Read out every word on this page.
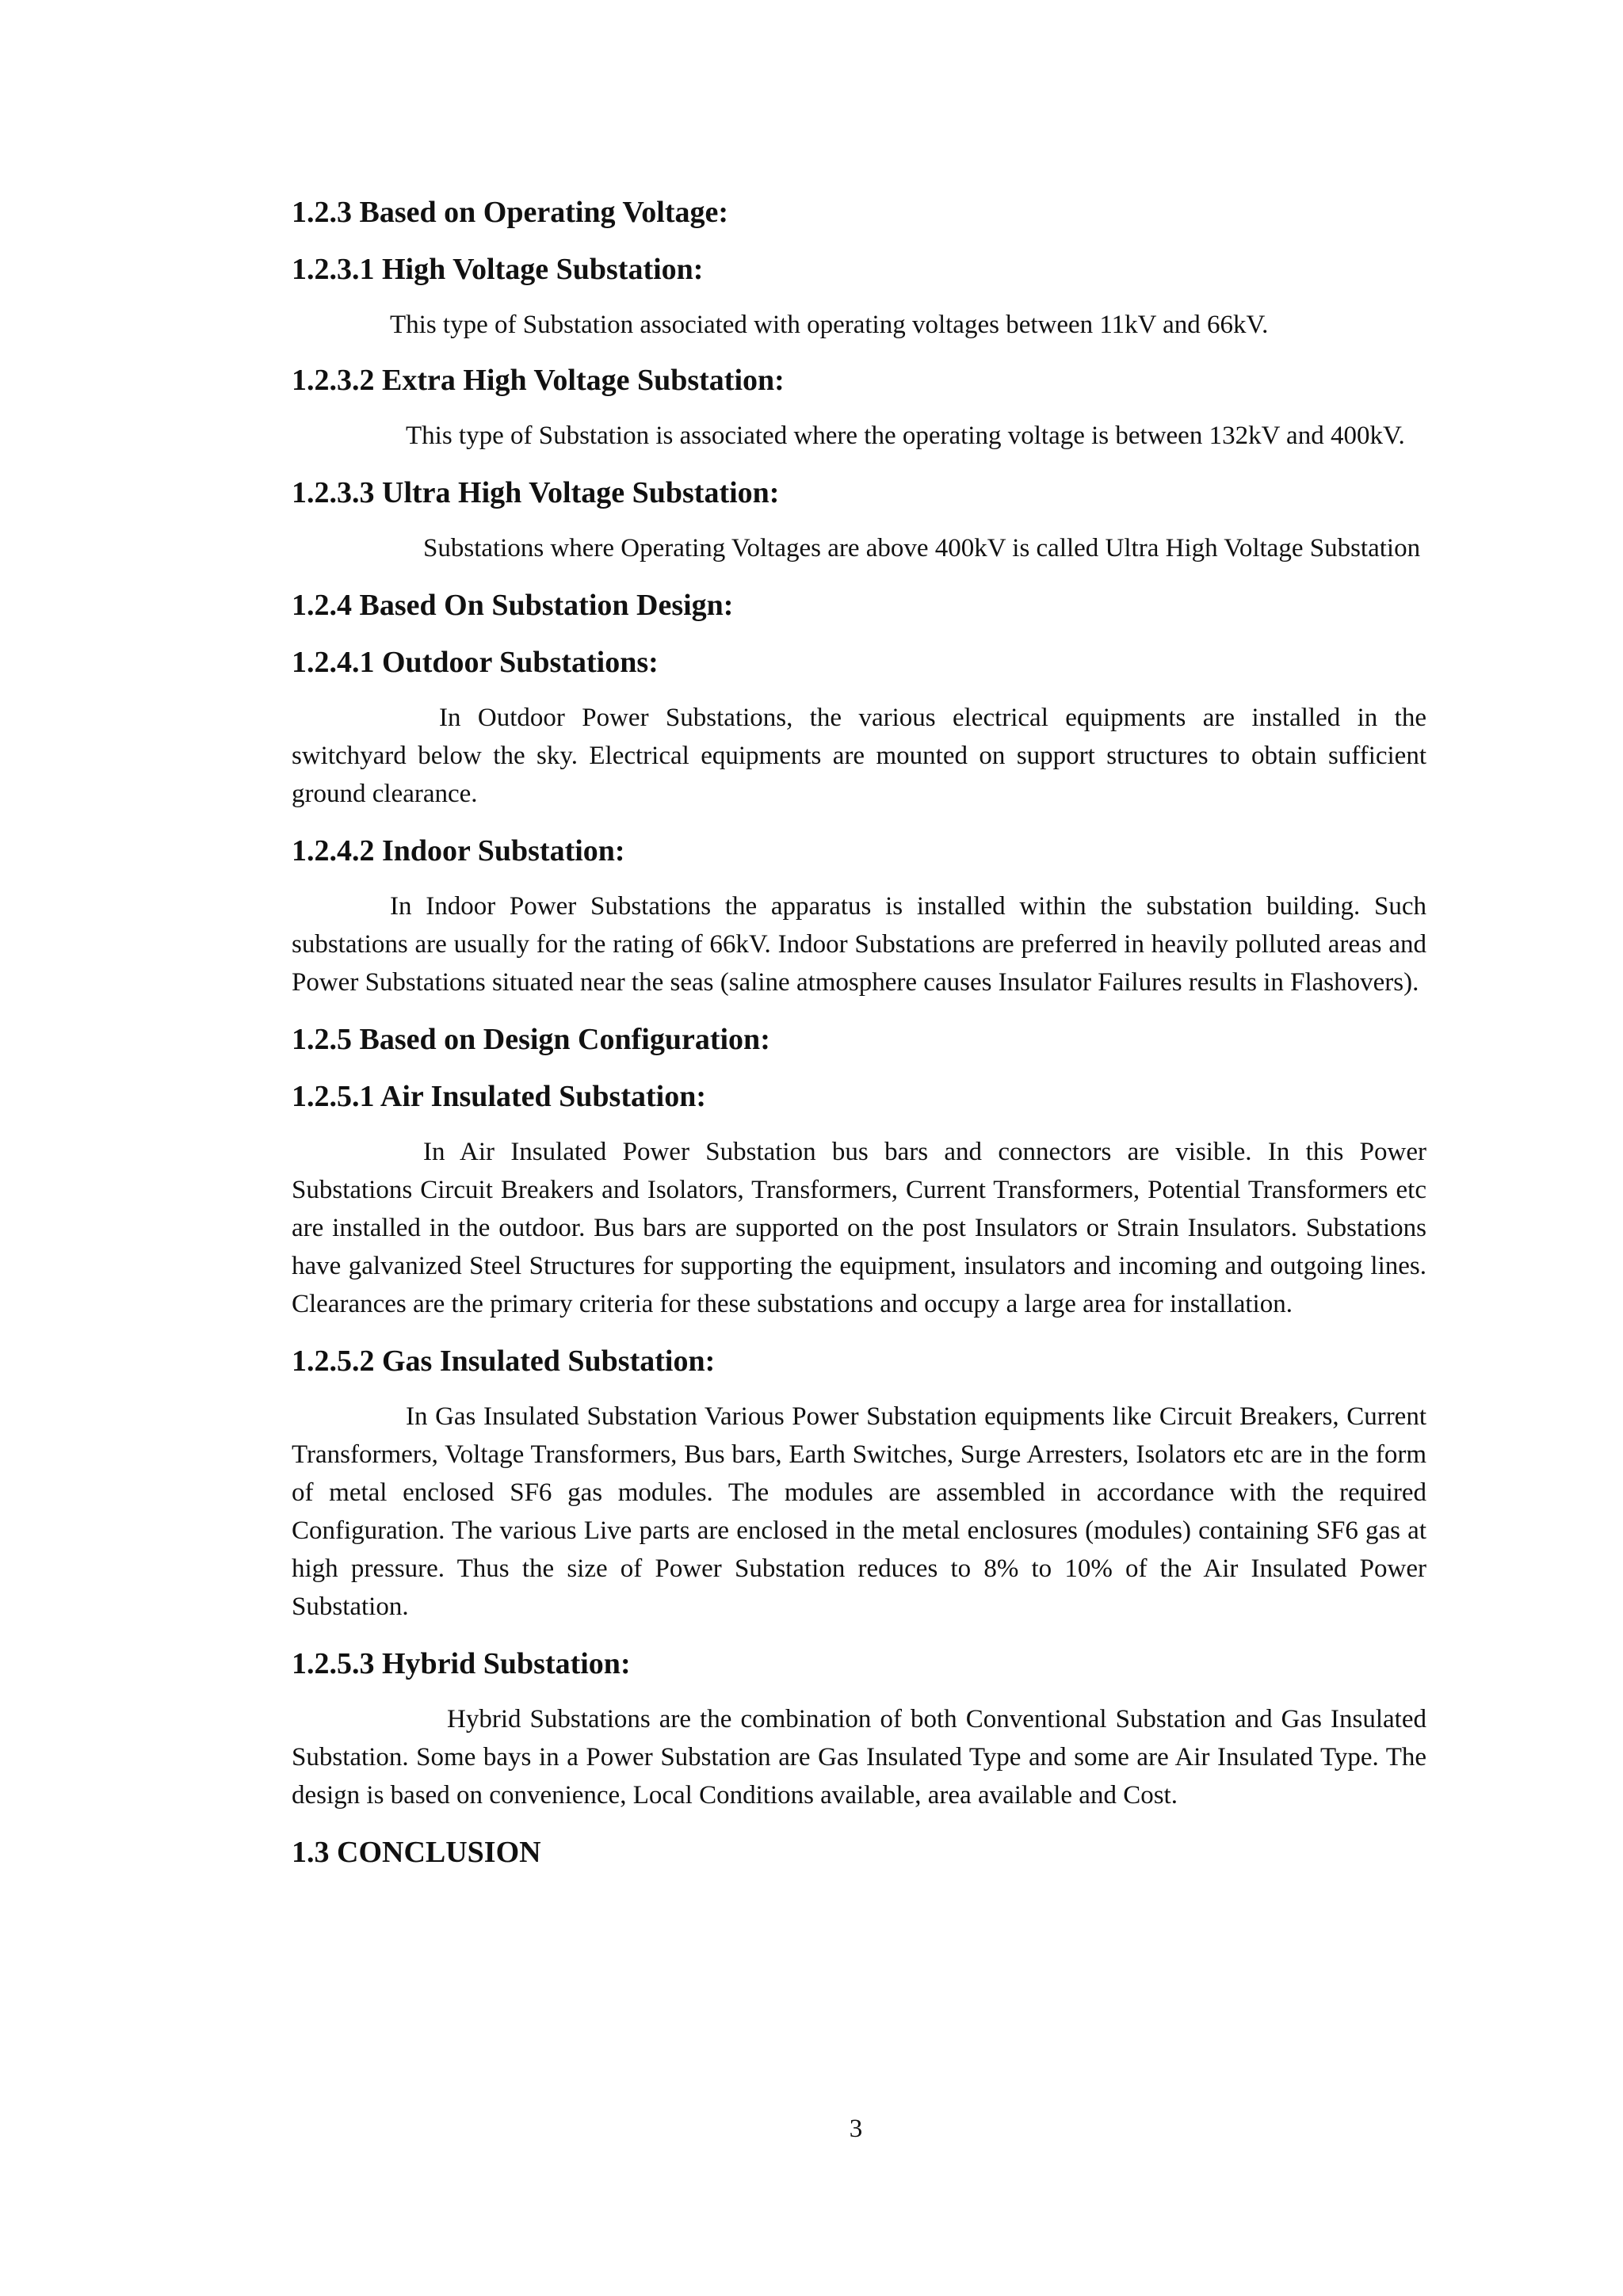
1.2.3 Based on Operating Voltage:
1.2.3.1 High Voltage Substation:

This type of Substation associated with operating voltages between 11kV and 66kV.

1.2.3.2 Extra High Voltage Substation:

This type of Substation is associated where the operating voltage is between 132kV and 400kV.

1.2.3.3 Ultra High Voltage Substation:

Substations where Operating Voltages are above 400kV is called Ultra High Voltage Substation

1.2.4 Based On Substation Design:
1.2.4.1 Outdoor Substations:

In Outdoor Power Substations, the various electrical equipments are installed in the switchyard below the sky. Electrical equipments are mounted on support structures to obtain sufficient ground clearance.

1.2.4.2 Indoor Substation:

In Indoor Power Substations the apparatus is installed within the substation building. Such substations are usually for the rating of 66kV. Indoor Substations are preferred in heavily polluted areas and Power Substations situated near the seas (saline atmosphere causes Insulator Failures results in Flashovers).

1.2.5 Based on Design Configuration:
1.2.5.1 Air Insulated Substation:

In Air Insulated Power Substation bus bars and connectors are visible. In this Power Substations Circuit Breakers and Isolators, Transformers, Current Transformers, Potential Transformers etc are installed in the outdoor. Bus bars are supported on the post Insulators or Strain Insulators. Substations have galvanized Steel Structures for supporting the equipment, insulators and incoming and outgoing lines. Clearances are the primary criteria for these substations and occupy a large area for installation.

1.2.5.2 Gas Insulated Substation:

In Gas Insulated Substation Various Power Substation equipments like Circuit Breakers, Current Transformers, Voltage Transformers, Bus bars, Earth Switches, Surge Arresters, Isolators etc are in the form of metal enclosed SF6 gas modules. The modules are assembled in accordance with the required Configuration. The various Live parts are enclosed in the metal enclosures (modules) containing SF6 gas at high pressure. Thus the size of Power Substation reduces to 8% to 10% of the Air Insulated Power Substation.

1.2.5.3 Hybrid Substation:

Hybrid Substations are the combination of both Conventional Substation and Gas Insulated Substation. Some bays in a Power Substation are Gas Insulated Type and some are Air Insulated Type. The design is based on convenience, Local Conditions available, area available and Cost.

1.3 CONCLUSION
3
